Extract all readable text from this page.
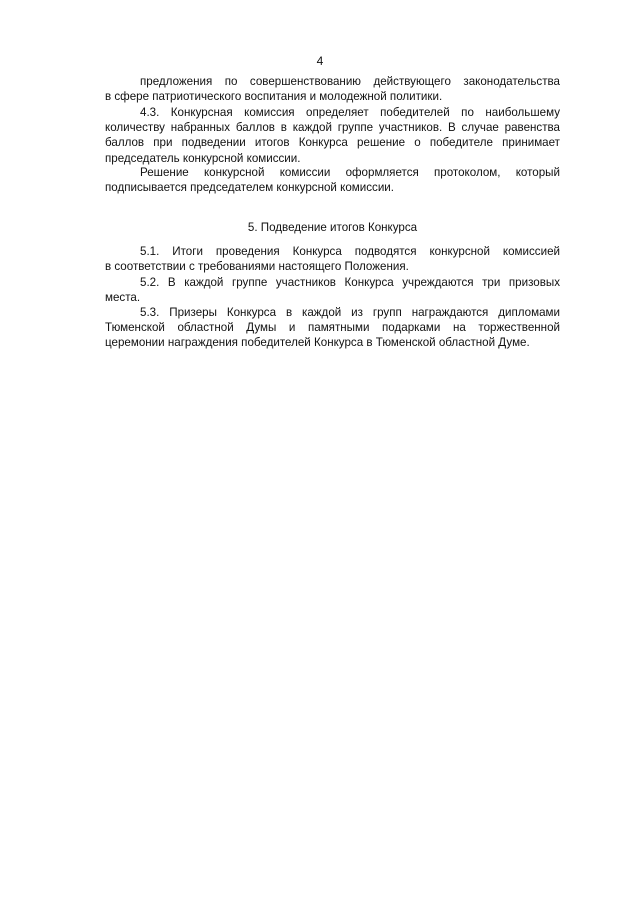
4
предложения по совершенствованию действующего законодательства
в сфере патриотического воспитания и молодежной политики.
4.3. Конкурсная комиссия определяет победителей по наибольшему
количеству набранных баллов в каждой группе участников. В случае равенства
баллов при подведении итогов Конкурса решение о победителе принимает
председатель конкурсной комиссии.
Решение конкурсной комиссии оформляется протоколом, который
подписывается председателем конкурсной комиссии.
5. Подведение итогов Конкурса
5.1. Итоги проведения Конкурса подводятся конкурсной комиссией
в соответствии с требованиями настоящего Положения.
5.2. В каждой группе участников Конкурса учреждаются три призовых
места.
5.3. Призеры Конкурса в каждой из групп награждаются дипломами
Тюменской областной Думы и памятными подарками на торжественной
церемонии награждения победителей Конкурса в Тюменской областной Думе.
